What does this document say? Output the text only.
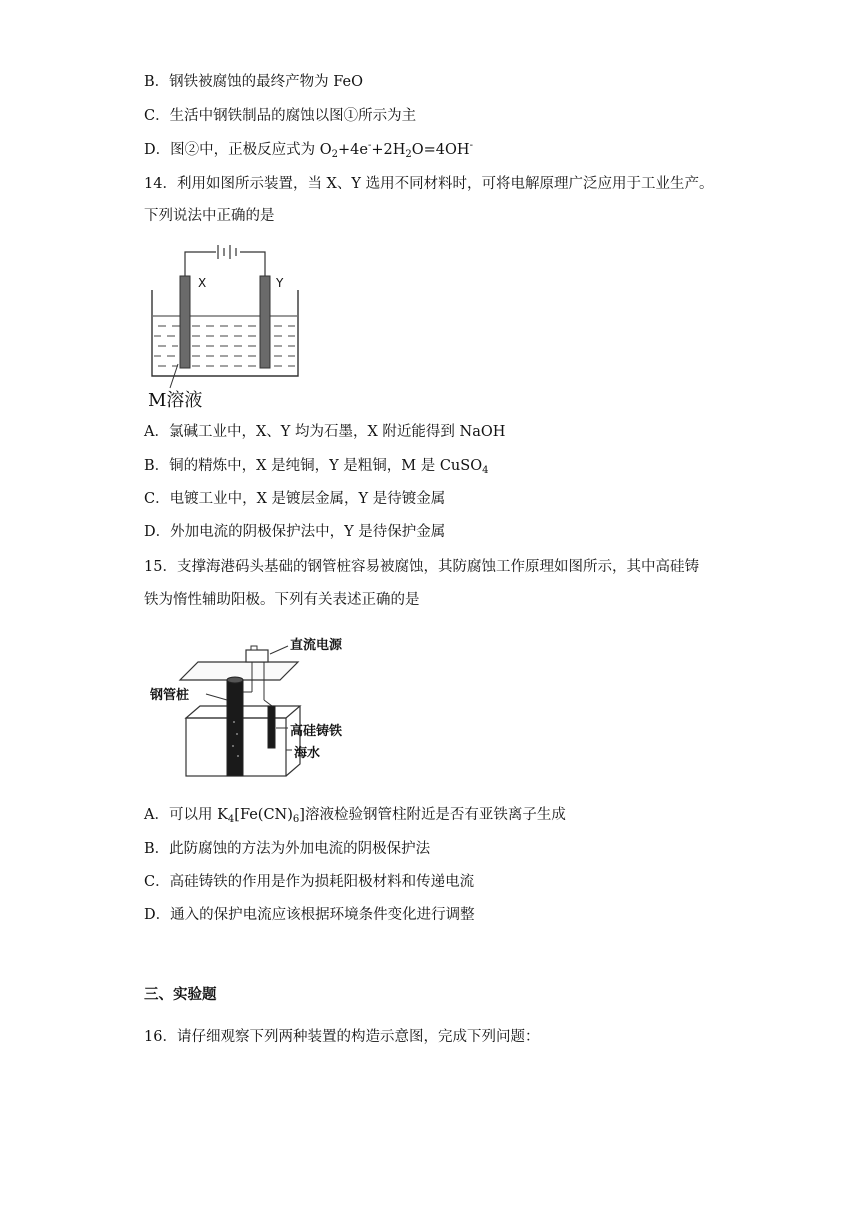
B．钢铁被腐蚀的最终产物为 FeO
C．生活中钢铁制品的腐蚀以图①所示为主
D．图②中，正极反应式为 $O_2+4e^-+2H_2O=4OH^-$
14．利用如图所示装置，当 X、Y 选用不同材料时，可将电解原理广泛应用于工业生产。
下列说法中正确的是
X	Y
M溶液
A．氯碱工业中，X、Y 均为石墨，X 附近能得到 NaOH
B．铜的精炼中，X 是纯铜，Y 是粗铜，M 是 CuSO$_4$
C．电镀工业中，X 是镀层金属，Y 是待镀金属
D．外加电流的阴极保护法中，Y 是待保护金属
15．支撑海港码头基础的钢管桩容易被腐蚀，其防腐蚀工作原理如图所示，其中高硅铸
铁为惰性辅助阳极。下列有关表述正确的是
直流电源
钢管桩
高硅铸铁
海水
A．可以用 $K_4[Fe(CN)_6]$溶液检验钢管柱附近是否有亚铁离子生成
B．此防腐蚀的方法为外加电流的阴极保护法
C．高硅铸铁的作用是作为损耗阳极材料和传递电流
D．通入的保护电流应该根据环境条件变化进行调整
三、实验题
16．请仔细观察下列两种装置的构造示意图，完成下列问题：
